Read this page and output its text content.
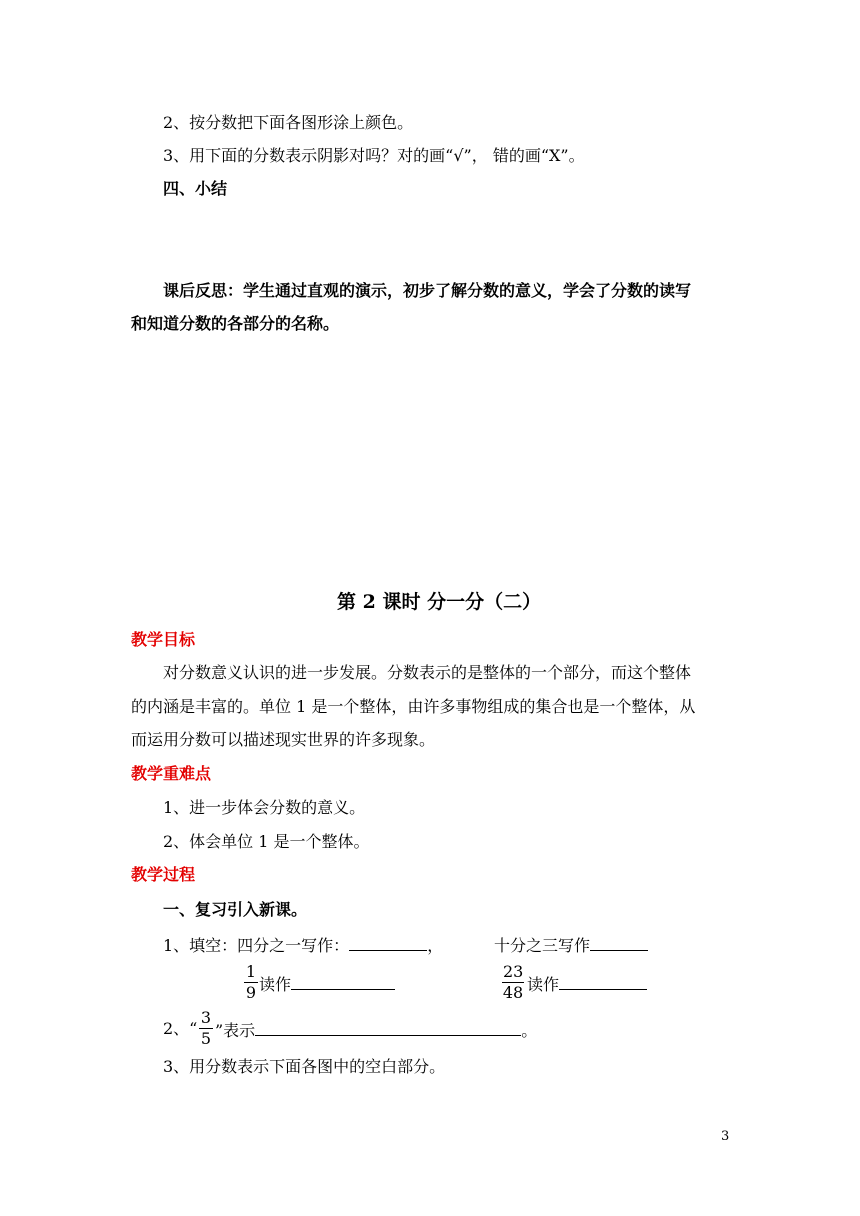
2、按分数把下面各图形涂上颜色。
3、用下面的分数表示阴影对吗？对的画“√”， 错的画“X”。
四、小结
课后反思：学生通过直观的演示，初步了解分数的意义，学会了分数的读写
和知道分数的各部分的名称。
第 2 课时 分一分（二）
教学目标
对分数意义认识的进一步发展。分数表示的是整体的一个部分，而这个整体
的内涵是丰富的。单位 1 是一个整体，由许多事物组成的集合也是一个整体，从
而运用分数可以描述现实世界的许多现象。
教学重难点
1、进一步体会分数的意义。
2、体会单位 1 是一个整体。
教学过程
一、复习引入新课。
1、填空：四分之一写作：	，	十分之三写作
$\frac{1}{9}$ 读作	$\frac{23}{48}$ 读作
2、“ $\frac{3}{5}$ ”表示	。
3、用分数表示下面各图中的空白部分。
3
